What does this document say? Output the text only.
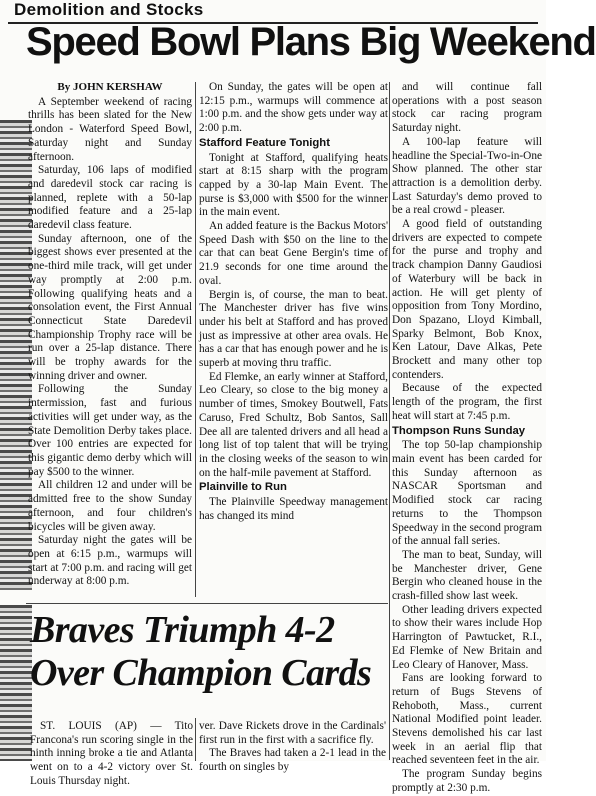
Demolition and Stocks
Speed Bowl Plans Big Weekend
By JOHN KERSHAW

A September weekend of racing thrills has been slated for the New London - Waterford Speed Bowl, Saturday night and Sunday afternoon.

Saturday, 106 laps of modified and daredevil stock car racing is planned, replete with a 50-lap modified feature and a 25-lap daredevil class feature.

Sunday afternoon, one of the biggest shows ever presented at the one-third mile track, will get under way promptly at 2:00 p.m. Following qualifying heats and a consolation event, the First Annual Connecticut State Daredevil Championship Trophy race will be run over a 25-lap distance. There will be trophy awards for the winning driver and owner.

Following the Sunday intermission, fast and furious activities will get under way, as the State Demolition Derby takes place. Over 100 entries are expected for this gigantic demo derby which will pay $500 to the winner.

All children 12 and under will be admitted free to the show Sunday afternoon, and four children's bicycles will be given away.

Saturday night the gates will be open at 6:15 p.m., warmups will start at 7:00 p.m. and racing will get underway at 8:00 p.m.

On Sunday, the gates will be open at 12:15 p.m., warmups will commence at 1:00 p.m. and the show gets under way at 2:00 p.m.

Stafford Feature Tonight

Tonight at Stafford, qualifying heats start at 8:15 sharp with the program capped by a 30-lap Main Event. The purse is $3,000 with $500 for the winner in the main event.

An added feature is the Backus Motors' Speed Dash with $50 on the line to the car that can beat Gene Bergin's time of 21.9 seconds for one time around the oval.

Bergin is, of course, the man to beat. The Manchester driver has five wins under his belt at Stafford and has proved just as impressive at other area ovals. He has a car that has enough power and he is superb at moving thru traffic.

Ed Flemke, an early winner at Stafford, Leo Cleary, so close to the big money a number of times, Smokey Boutwell, Fats Caruso, Fred Schultz, Bob Santos, Sall Dee all are talented drivers and all head a long list of top talent that will be trying in the closing weeks of the season to win on the half-mile pavement at Stafford.

Plainville to Run

The Plainville Speedway management has changed its mind

and will continue fall operations with a post season stock car racing program Saturday night.

A 100-lap feature will headline the Special-Two-in-One Show planned. The other star attraction is a demolition derby. Last Saturday's demo proved to be a real crowd - pleaser.

A good field of outstanding drivers are expected to compete for the purse and trophy and track champion Danny Gaudiosi of Waterbury will be back in action. He will get plenty of opposition from Tony Mordino, Don Spazano, Lloyd Kimball, Sparky Belmont, Bob Knox, Ken Latour, Dave Alkas, Pete Brockett and many other top contenders.

Because of the expected length of the program, the first heat will start at 7:45 p.m.

Thompson Runs Sunday

The top 50-lap championship main event has been carded for this Sunday afternoon as NASCAR Sportsman and Modified stock car racing returns to the Thompson Speedway in the second program of the annual fall series.

The man to beat, Sunday, will be Manchester driver, Gene Bergin who cleaned house in the crash-filled show last week.

Other leading drivers expected to show their wares include Hop Harrington of Pawtucket, R.I., Ed Flemke of New Britain and Leo Cleary of Hanover, Mass.

Fans are looking forward to return of Bugs Stevens of Rehoboth, Mass., current National Modified point leader. Stevens demolished his car last week in an aerial flip that reached seventeen feet in the air.

The program Sunday begins promptly at 2:30 p.m.

Braves Triumph 4-2
Over Champion Cards

ST. LOUIS (AP) — Tito Francona's run scoring single in the ninth inning broke a tie and Atlanta went on to a 4-2 victory over St. Louis Thursday night.

ver. Dave Rickets drove in the Cardinals' first run in the first with a sacrifice fly.

The Braves had taken a 2-1 lead in the fourth on singles by
